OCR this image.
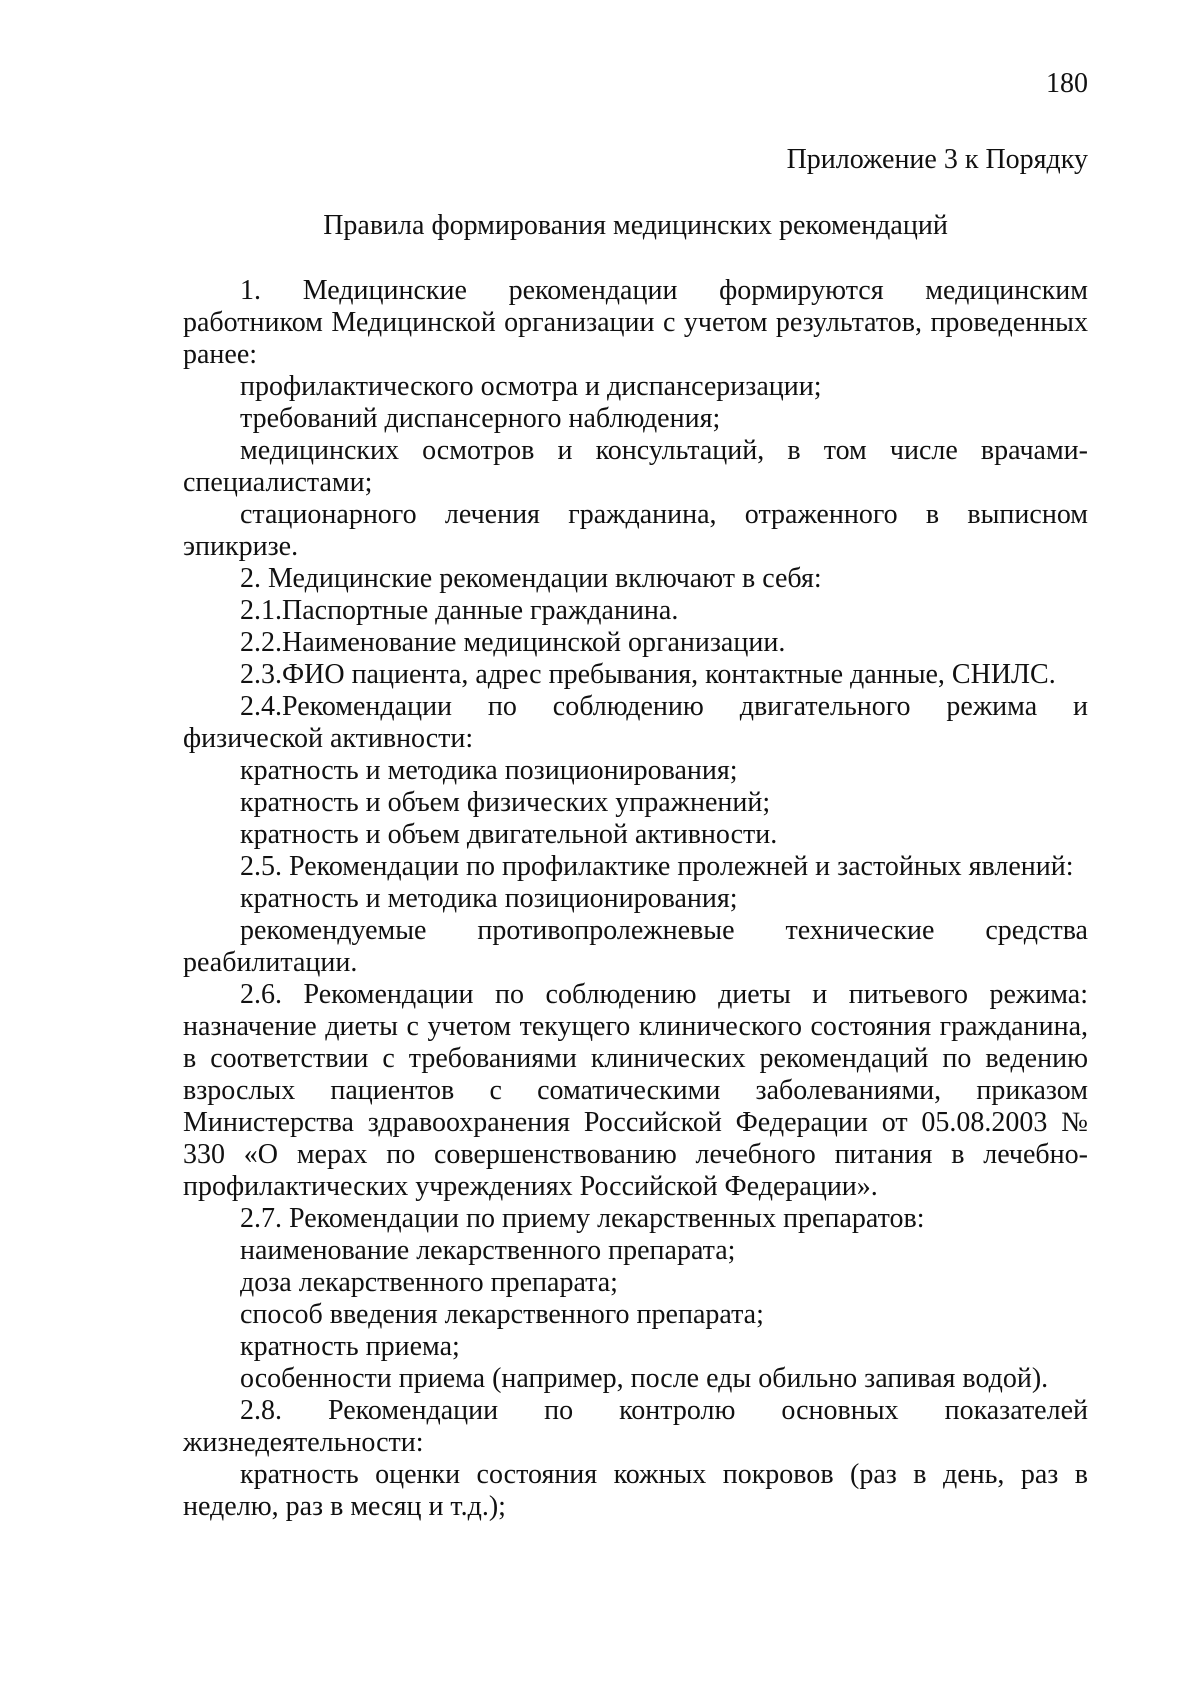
180
Приложение 3 к Порядку
Правила формирования медицинских рекомендаций

1. Медицинские рекомендации формируются медицинским работником Медицинской организации с учетом результатов, проведенных ранее:

профилактического осмотра и диспансеризации;

требований диспансерного наблюдения;

медицинских осмотров и консультаций, в том числе врачами-специалистами;

стационарного лечения гражданина, отраженного в выписном эпикризе.

2. Медицинские рекомендации включают в себя:

2.1.Паспортные данные гражданина.

2.2.Наименование медицинской организации.

2.3.ФИО пациента, адрес пребывания, контактные данные, СНИЛС.

2.4.Рекомендации по соблюдению двигательного режима и физической активности:

кратность и методика позиционирования;

кратность и объем физических упражнений;

кратность и объем двигательной активности.

2.5. Рекомендации по профилактике пролежней и застойных явлений:

кратность и методика позиционирования;

рекомендуемые противопролежневые технические средства реабилитации.

2.6. Рекомендации по соблюдению диеты и питьевого режима: назначение диеты с учетом текущего клинического состояния гражданина, в соответствии с требованиями клинических рекомендаций по ведению взрослых пациентов с соматическими заболеваниями, приказом Министерства здравоохранения Российской Федерации от 05.08.2003 № 330 «О мерах по совершенствованию лечебного питания в лечебно-профилактических учреждениях Российской Федерации».

2.7. Рекомендации по приему лекарственных препаратов:

наименование лекарственного препарата;

доза лекарственного препарата;

способ введения лекарственного препарата;

кратность приема;

особенности приема (например, после еды обильно запивая водой).

2.8. Рекомендации по контролю основных показателей жизнедеятельности:

кратность оценки состояния кожных покровов (раз в день, раз в неделю, раз в месяц и т.д.);
